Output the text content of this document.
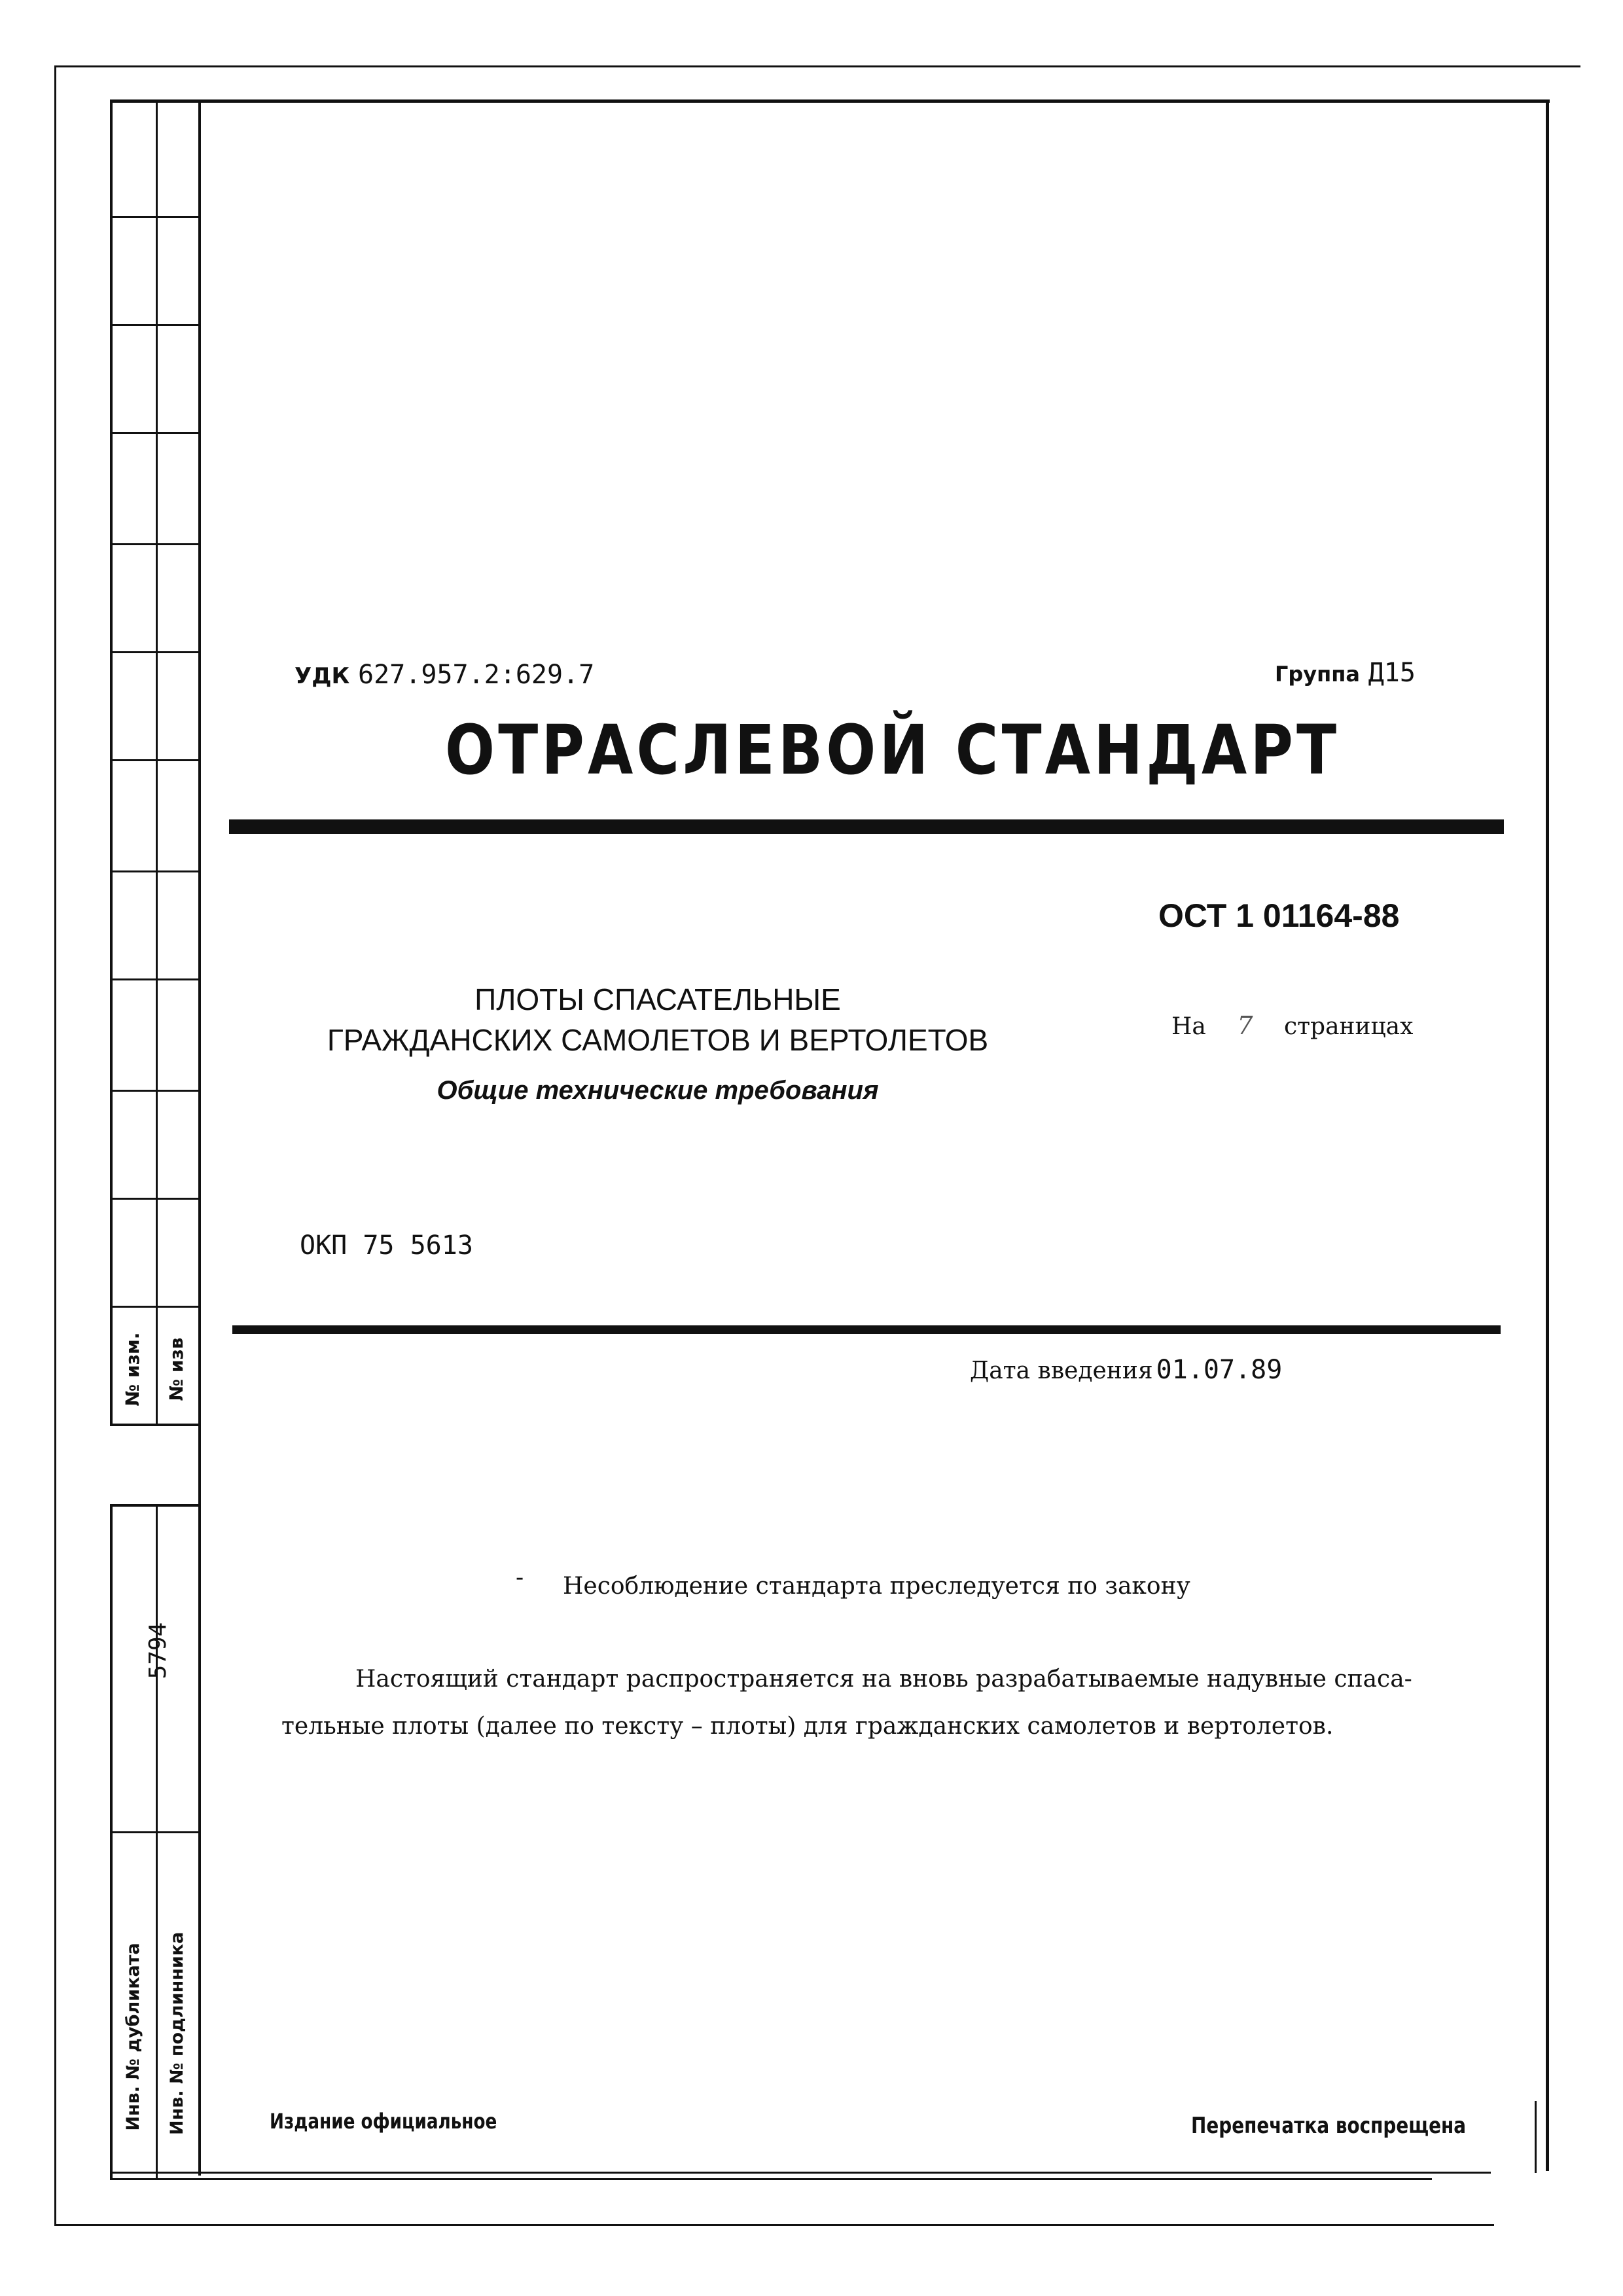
№ изм. № изв
5794
Инв. № дубликата Инв. № подлинника
УДК 627.957.2:629.7	Группа Д15
ОТРАСЛЕВОЙ СТАНДАРТ
ОСТ 1 01164-88
ПЛОТЫ СПАСАТЕЛЬНЫЕ
ГРАЖДАНСКИХ САМОЛЕТОВ И ВЕРТОЛЕТОВ
Общие технические требования
На 7 страницах
ОКП 75 5613
Дата введения 01.07.89
- Несоблюдение стандарта преследуется по закону
Настоящий стандарт распространяется на вновь разрабатываемые надувные спаса-
тельные плоты (далее по тексту – плоты) для гражданских самолетов и вертолетов.
Издание официальное	Перепечатка воспрещена
